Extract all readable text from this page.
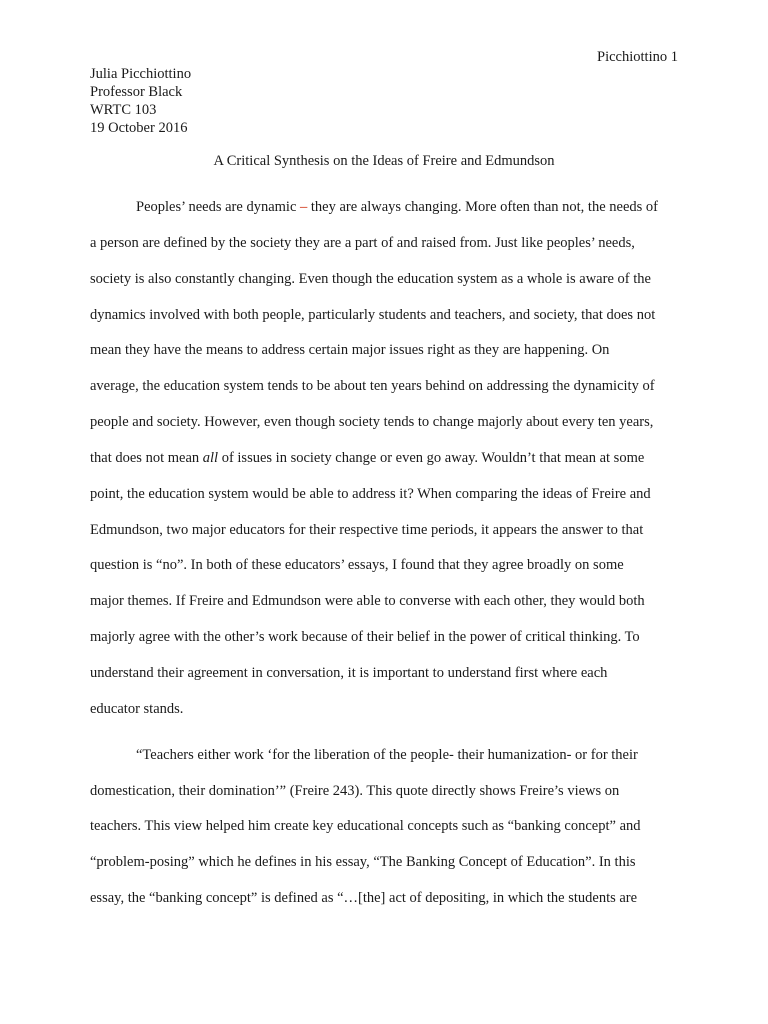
Picchiottino 1
Julia Picchiottino
Professor Black
WRTC 103
19 October 2016
A Critical Synthesis on the Ideas of Freire and Edmundson
Peoples’ needs are dynamic – they are always changing. More often than not, the needs of
a person are defined by the society they are a part of and raised from. Just like peoples’ needs,
society is also constantly changing. Even though the education system as a whole is aware of the
dynamics involved with both people, particularly students and teachers, and society, that does not
mean they have the means to address certain major issues right as they are happening. On
average, the education system tends to be about ten years behind on addressing the dynamicity of
people and society. However, even though society tends to change majorly about every ten years,
that does not mean all of issues in society change or even go away. Wouldn’t that mean at some
point, the education system would be able to address it? When comparing the ideas of Freire and
Edmundson, two major educators for their respective time periods, it appears the answer to that
question is “no”. In both of these educators’ essays, I found that they agree broadly on some
major themes. If Freire and Edmundson were able to converse with each other, they would both
majorly agree with the other’s work because of their belief in the power of critical thinking. To
understand their agreement in conversation, it is important to understand first where each
educator stands.
“Teachers either work ‘for the liberation of the people- their humanization- or for their
domestication, their domination’” (Freire 243). This quote directly shows Freire’s views on
teachers. This view helped him create key educational concepts such as “banking concept” and
“problem-posing” which he defines in his essay, “The Banking Concept of Education”. In this
essay, the “banking concept” is defined as “…[the] act of depositing, in which the students are
